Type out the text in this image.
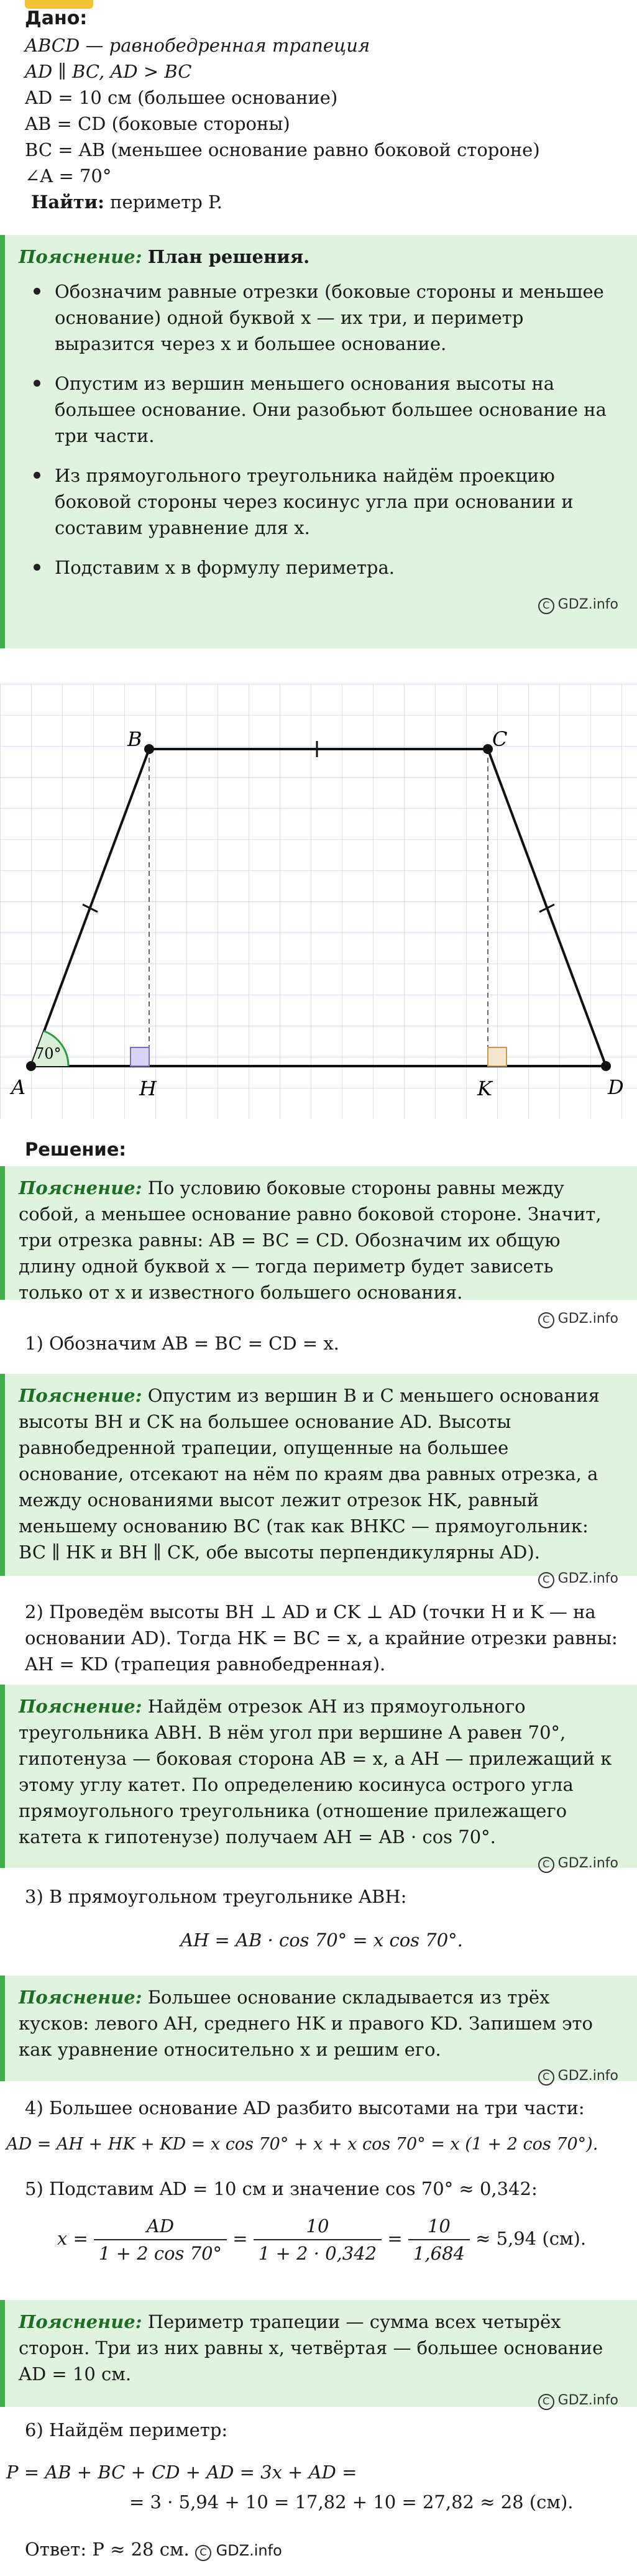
Дано:
ABCD — равнобедренная трапеция
AD ∥ BC, AD > BC
AD = 10 см (большее основание)
AB = CD (боковые стороны)
BC = AB (меньшее основание равно боковой стороне)
∠A = 70°
Найти: периметр P.
Пояснение: План решения.
Обозначим равные отрезки (боковые стороны и меньшее основание) одной буквой x — их три, и периметр выразится через x и большее основание.
Опустим из вершин меньшего основания высоты на большее основание. Они разобьют большее основание на три части.
Из прямоугольного треугольника найдём проекцию боковой стороны через косинус угла при основании и составим уравнение для x.
Подставим x в формулу периметра.
C GDZ.info
A
B	C
D
H	K
70°
Решение:
Пояснение: По условию боковые стороны равны между собой, а меньшее основание равно боковой стороне. Значит, три отрезка равны: AB = BC = CD. Обозначим их общую длину одной буквой x — тогда периметр будет зависеть только от x и известного большего основания.
C GDZ.info
1) Обозначим AB = BC = CD = x.
Пояснение: Опустим из вершин B и C меньшего основания высоты BH и CK на большее основание AD. Высоты равнобедренной трапеции, опущенные на большее основание, отсекают на нём по краям два равных отрезка, а между основаниями высот лежит отрезок HK, равный меньшему основанию BC (так как BHKC — прямоугольник: BC ∥ HK и BH ∥ CK, обе высоты перпендикулярны AD).
C GDZ.info
2) Проведём высоты BH ⊥ AD и CK ⊥ AD (точки H и K — на основании AD). Тогда HK = BC = x, а крайние отрезки равны: AH = KD (трапеция равнобедренная).
Пояснение: Найдём отрезок AH из прямоугольного треугольника ABH. В нём угол при вершине A равен 70°, гипотенуза — боковая сторона AB = x, а AH — прилежащий к этому углу катет. По определению косинуса острого угла прямоугольного треугольника (отношение прилежащего катета к гипотенузе) получаем AH = AB · cos 70°.
C GDZ.info
3) В прямоугольном треугольнике ABH:
AH = AB · cos 70° = x cos 70°.
Пояснение: Большее основание складывается из трёх кусков: левого AH, среднего HK и правого KD. Запишем это как уравнение относительно x и решим его.
C GDZ.info
4) Большее основание AD разбито высотами на три части:
AD = AH + HK + KD = x cos 70° + x + x cos 70° = x (1 + 2 cos 70°).
5) Подставим AD = 10 см и значение cos 70° ≈ 0,342:
$x = \frac{AD}{1 + 2 \cos 70^\circ} = \frac{10}{1 + 2 \cdot 0,342} = \frac{10}{1,684} \approx 5,94$ (см).
Пояснение: Периметр трапеции — сумма всех четырёх сторон. Три из них равны x, четвёртая — большее основание AD = 10 см.
C GDZ.info
6) Найдём периметр:
P = AB + BC + CD + AD = 3x + AD =
= 3 · 5,94 + 10 = 17,82 + 10 = 27,82 ≈ 28 (см).
Ответ: P ≈ 28 см. C GDZ.info
